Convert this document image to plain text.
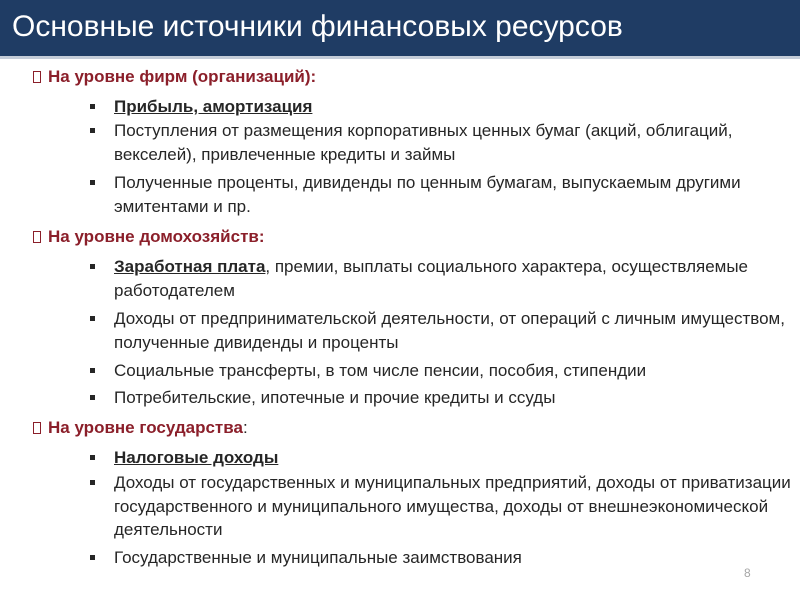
Основные источники финансовых ресурсов
На уровне фирм (организаций):
Прибыль, амортизация
Поступления от размещения корпоративных ценных бумаг (акций, облигаций, векселей), привлеченные кредиты и займы
Полученные проценты, дивиденды по ценным бумагам, выпускаемым другими эмитентами и пр.
На уровне домохозяйств:
Заработная плата, премии, выплаты социального характера, осуществляемые работодателем
Доходы от предпринимательской деятельности, от операций с личным имуществом, полученные дивиденды и проценты
Социальные трансферты, в том числе пенсии, пособия, стипендии
Потребительские, ипотечные и прочие кредиты и ссуды
На уровне государства:
Налоговые доходы
Доходы от государственных и муниципальных предприятий, доходы от приватизации государственного и муниципального имущества, доходы от внешнеэкономической деятельности
Государственные и муниципальные заимствования
8
